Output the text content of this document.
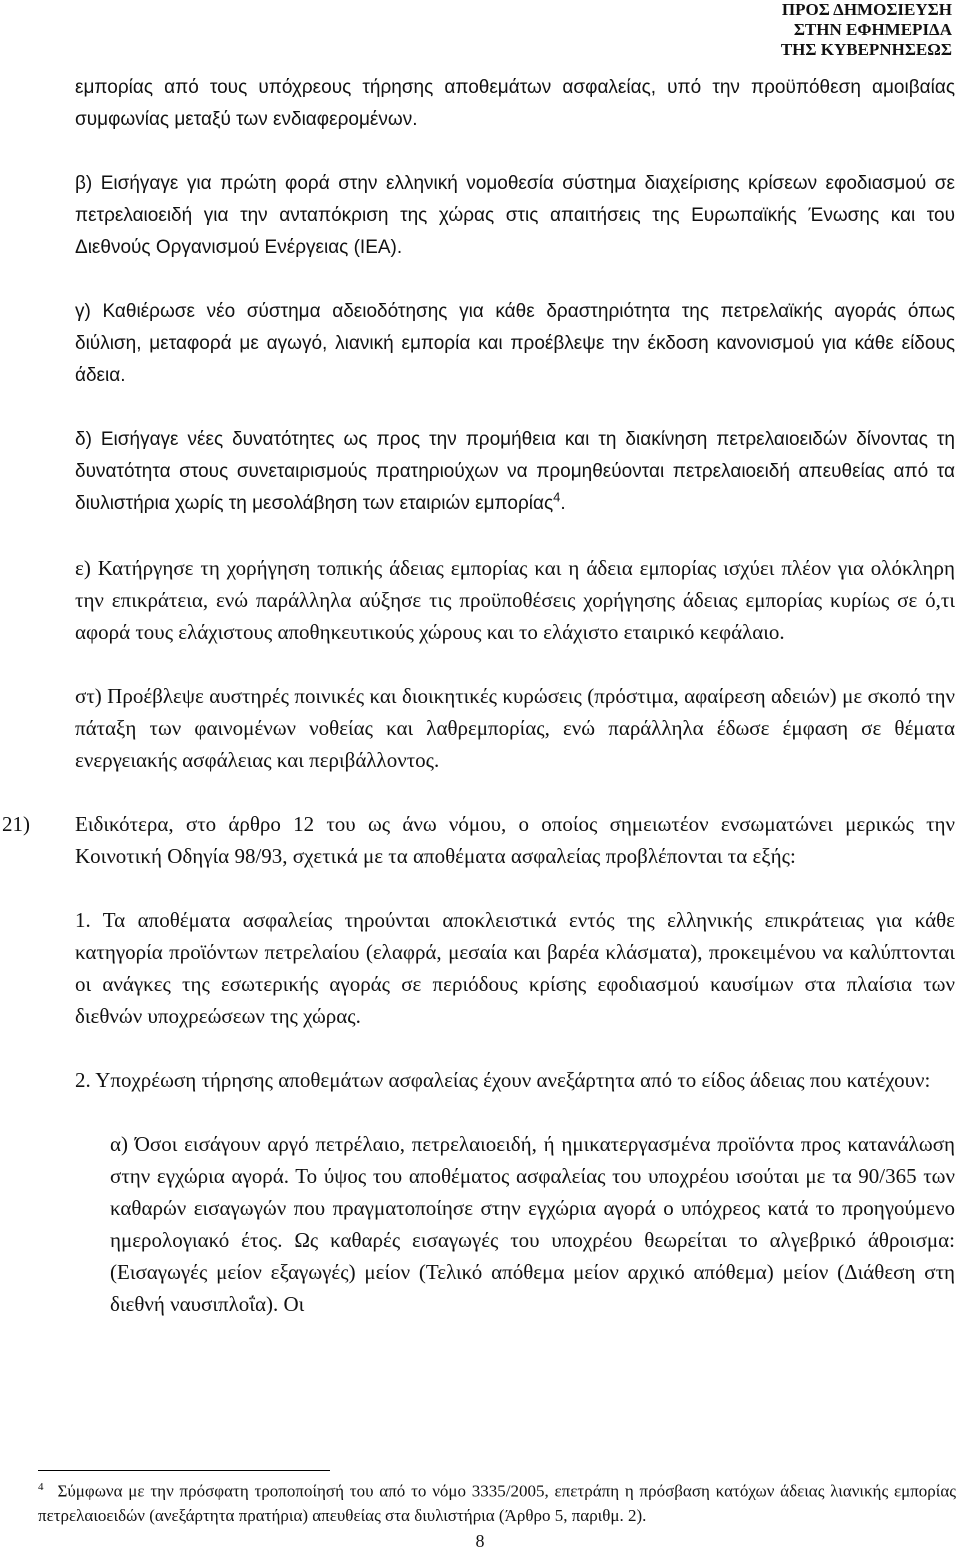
ΠΡΟΣ ΔΗΜΟΣΙΕΥΣΗ
ΣΤΗΝ ΕΦΗΜΕΡΙΔΑ
ΤΗΣ ΚΥΒΕΡΝΗΣΕΩΣ

εμπορίας από τους υπόχρεους τήρησης αποθεμάτων ασφαλείας, υπό την προϋπόθεση αμοιβαίας συμφωνίας μεταξύ των ενδιαφερομένων.

β) Εισήγαγε για πρώτη φορά στην ελληνική νομοθεσία σύστημα διαχείρισης κρίσεων εφοδιασμού σε πετρελαιοειδή για την ανταπόκριση της χώρας στις απαιτήσεις της Ευρωπαϊκής Ένωσης και του Διεθνούς Οργανισμού Ενέργειας (ΙΕΑ).

γ) Καθιέρωσε νέο σύστημα αδειοδότησης για κάθε δραστηριότητα της πετρελαϊκής αγοράς όπως διύλιση, μεταφορά με αγωγό, λιανική εμπορία και προέβλεψε την έκδοση κανονισμού για κάθε είδους άδεια.

δ) Εισήγαγε νέες δυνατότητες ως προς την προμήθεια και τη διακίνηση πετρελαιοειδών δίνοντας τη δυνατότητα στους συνεταιρισμούς πρατηριούχων να προμηθεύονται πετρελαιοειδή απευθείας από τα διυλιστήρια χωρίς τη μεσολάβηση των εταιριών εμπορίας$^4$.

ε) Κατήργησε τη χορήγηση τοπικής άδειας εμπορίας και η άδεια εμπορίας ισχύει πλέον για ολόκληρη την επικράτεια, ενώ παράλληλα αύξησε τις προϋποθέσεις χορήγησης άδειας εμπορίας κυρίως σε ό,τι αφορά τους ελάχιστους αποθηκευτικούς χώρους και το ελάχιστο εταιρικό κεφάλαιο.

στ) Προέβλεψε αυστηρές ποινικές και διοικητικές κυρώσεις (πρόστιμα, αφαίρεση αδειών) με σκοπό την πάταξη των φαινομένων νοθείας και λαθρεμπορίας, ενώ παράλληλα έδωσε έμφαση σε θέματα ενεργειακής ασφάλειας και περιβάλλοντος.

21) Ειδικότερα, στο άρθρο 12 του ως άνω νόμου, ο οποίος σημειωτέον ενσωματώνει μερικώς την Κοινοτική Οδηγία 98/93, σχετικά με τα αποθέματα ασφαλείας προβλέπονται τα εξής:

1. Τα αποθέματα ασφαλείας τηρούνται αποκλειστικά εντός της ελληνικής επικράτειας για κάθε κατηγορία προϊόντων πετρελαίου (ελαφρά, μεσαία και βαρέα κλάσματα), προκειμένου να καλύπτονται οι ανάγκες της εσωτερικής αγοράς σε περιόδους κρίσης εφοδιασμού καυσίμων στα πλαίσια των διεθνών υποχρεώσεων της χώρας.

2. Υποχρέωση τήρησης αποθεμάτων ασφαλείας έχουν ανεξάρτητα από το είδος άδειας που κατέχουν:

α) Όσοι εισάγουν αργό πετρέλαιο, πετρελαιοειδή, ή ημικατεργασμένα προϊόντα προς κατανάλωση στην εγχώρια αγορά. Το ύψος του αποθέματος ασφαλείας του υποχρέου ισούται με τα 90/365 των καθαρών εισαγωγών που πραγματοποίησε στην εγχώρια αγορά ο υπόχρεος κατά το προηγούμενο ημερολογιακό έτος. Ως καθαρές εισαγωγές του υποχρέου θεωρείται το αλγεβρικό άθροισμα: (Εισαγωγές μείον εξαγωγές) μείον (Τελικό απόθεμα μείον αρχικό απόθεμα) μείον (Διάθεση στη διεθνή ναυσιπλοΐα). Οι

$^4$ Σύμφωνα με την πρόσφατη τροποποίησή του από το νόμο 3335/2005, επετράπη η πρόσβαση κατόχων άδειας λιανικής εμπορίας πετρελαιοειδών (ανεξάρτητα πρατήρια) απευθείας στα διυλιστήρια (Άρθρο 5, παριθμ. 2).
8
